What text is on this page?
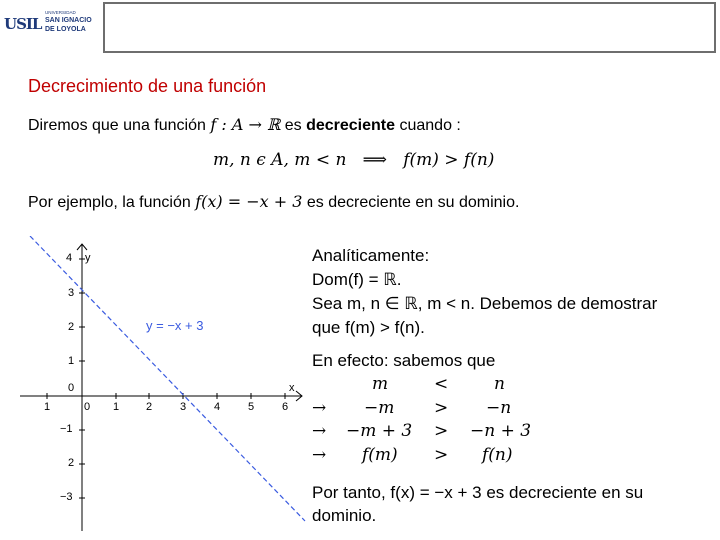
USIL
UNIVERSIDAD
SAN IGNACIO
DE LOYOLA
Decrecimiento de una función
Diremos que una función f : A → ℝ es decreciente cuando :
m, n ϵ A, m < n   ⟹   f(m) > f(n)
Por ejemplo, la función f(x) = −x + 3 es decreciente en su dominio.
4 y
3
2
1
0
−1
2
−3
1	0 1 2	3	4	5	6
x
y = −x + 3
Analíticamente:
Dom(f) = ℝ.
Sea m, n ∈ ℝ, m < n. Debemos de demostrar
que f(m) > f(n).
En efecto: sabemos que
m	<	n
→ −m > −n
→ −m + 3 > −n + 3
→ f(m) > f(n)
Por tanto, f(x) = −x + 3 es decreciente en su
dominio.
